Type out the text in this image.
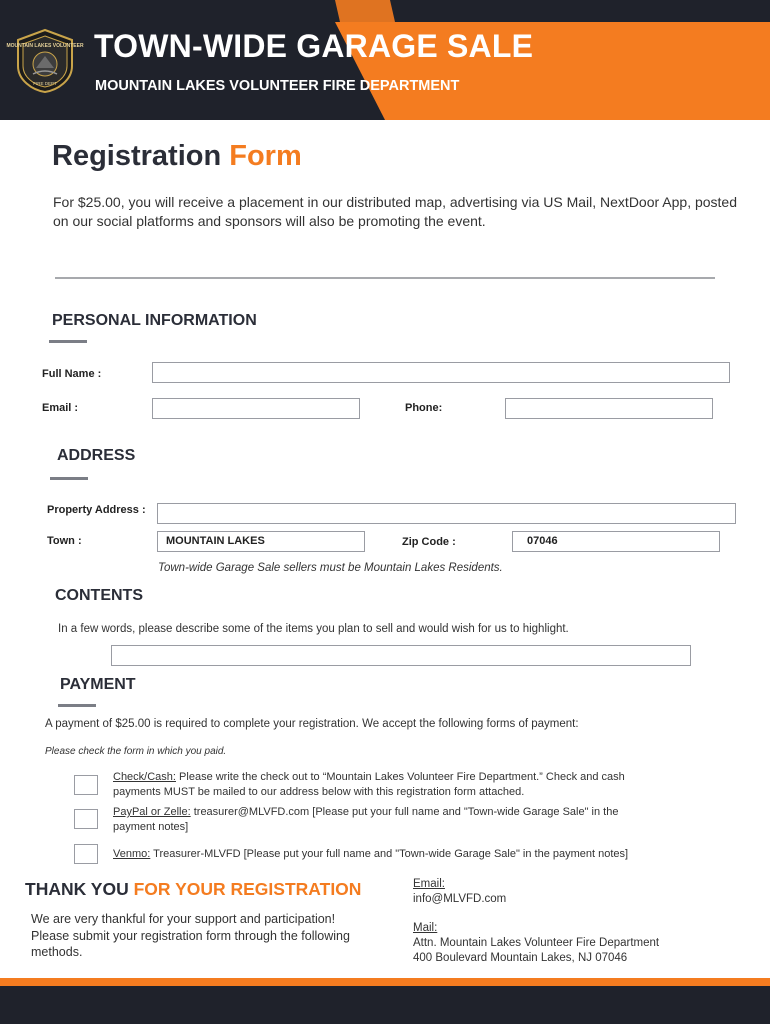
MOUNTAIN LAKES VOLUNTEER
FIRE DEPT
TOWN-WIDE GARAGE SALE
MOUNTAIN LAKES VOLUNTEER FIRE DEPARTMENT
Registration Form
For $25.00, you will receive a placement in our distributed map, advertising via US Mail, NextDoor App, posted on our social platforms and sponsors will also be promoting the event.
PERSONAL INFORMATION
Full Name :
Email :	Phone:
ADDRESS
Property Address :
Town :	MOUNTAIN LAKES	Zip Code :	07046
Town-wide Garage Sale sellers must be Mountain Lakes Residents.
CONTENTS
In a few words, please describe some of the items you plan to sell and would wish for us to highlight.
PAYMENT
A payment of $25.00 is required to complete your registration. We accept the following forms of payment:
Please check the form in which you paid.
Check/Cash: Please write the check out to “Mountain Lakes Volunteer Fire Department.” Check and cash
payments MUST be mailed to our address below with this registration form attached.
PayPal or Zelle: treasurer@MLVFD.com [Please put your full name and "Town-wide Garage Sale" in the
payment notes]
Venmo: Treasurer-MLVFD [Please put your full name and "Town-wide Garage Sale" in the payment notes]
THANK YOU FOR YOUR REGISTRATION
We are very thankful for your support and participation! Please submit your registration form through the following methods.
Email:
info@MLVFD.com
Mail:
Attn. Mountain Lakes Volunteer Fire Department
400 Boulevard Mountain Lakes, NJ 07046
